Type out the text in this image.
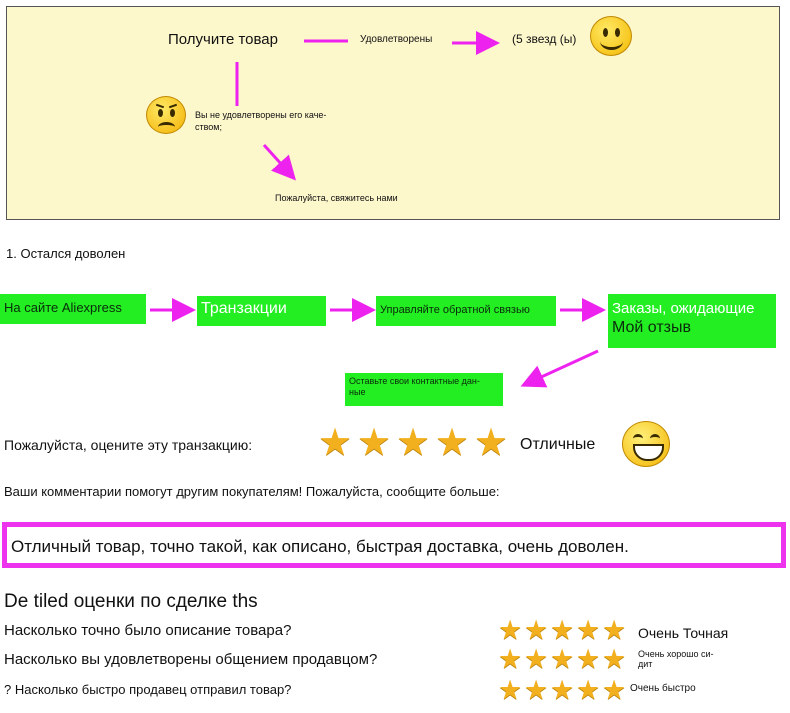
Получите товар	Удовлетворены	(5 звезд (ы)
Вы не удовлетворены его каче-
ством;
Пожалуйста, свяжитесь нами
1. Остался доволен
На сайте Aliexpress	Транзакции	Управляйте обратной связью	Заказы, ожидающие
Мой отзыв
Оставьте свои контактные дан-
ные
Пожалуйста, оцените эту транзакцию: ★ ★ ★ ★ ★ Отличные
Ваши комментарии помогут другим покупателям! Пожалуйста, сообщите больше:
Отличный товар, точно такой, как описано, быстрая доставка, очень доволен.
De tiled оценки по сделке ths
Насколько точно было описание товара?	★ ★ ★ ★ ★ Очень Точная
Насколько вы удовлетворены общением продавцом?	★ ★ ★ ★ ★ Очень хорошо си-
дит
? Насколько быстро продавец отправил товар?	★ ★ ★ ★ ★ Очень быстро
